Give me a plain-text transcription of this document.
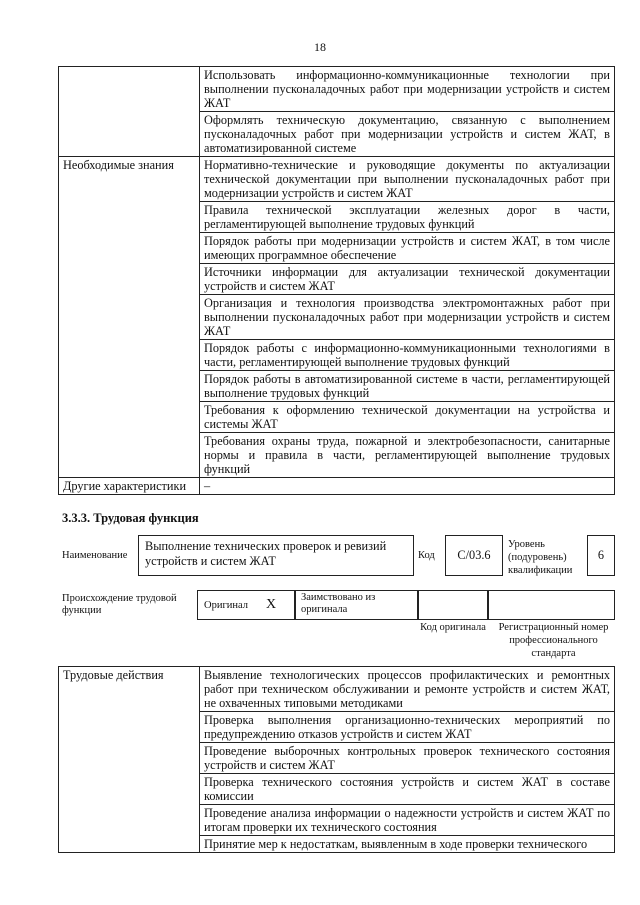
18
	Использовать информационно-коммуникационные технологии при выполнении пусконаладочных работ при модернизации устройств и систем ЖАТ
	Оформлять техническую документацию, связанную с выполнением пусконаладочных работ при модернизации устройств и систем ЖАТ, в автоматизированной системе
Необходимые знания	Нормативно-технические и руководящие документы по актуализации технической документации при выполнении пусконаладочных работ при модернизации устройств и систем ЖАТ
	Правила технической эксплуатации железных дорог в части, регламентирующей выполнение трудовых функций
	Порядок работы при модернизации устройств и систем ЖАТ, в том числе имеющих программное обеспечение
	Источники информации для актуализации технической документации устройств и систем ЖАТ
	Организация и технология производства электромонтажных работ при выполнении пусконаладочных работ при модернизации устройств и систем ЖАТ
	Порядок работы с информационно-коммуникационными технологиями в части, регламентирующей выполнение трудовых функций
	Порядок работы в автоматизированной системе в части, регламентирующей выполнение трудовых функций
	Требования к оформлению технической документации на устройства и системы ЖАТ
	Требования охраны труда, пожарной и электробезопасности, санитарные нормы и правила в части, регламентирующей выполнение трудовых функций
Другие характеристики	–
3.3.3. Трудовая функция
Наименование
Выполнение технических проверок и ревизий устройств и систем ЖАТ	Код	С/03.6
Уровень (подуровень) квалификации
6
Происхождение трудовой функции	Оригинал X	Заимствовано из оригинала
Код оригинала	Регистрационный номер профессионального стандарта
Трудовые действия	Выявление технологических процессов профилактических и ремонтных работ при техническом обслуживании и ремонте устройств и систем ЖАТ, не охваченных типовыми методиками
Проверка выполнения организационно-технических мероприятий по предупреждению отказов устройств и систем ЖАТ
Проведение выборочных контрольных проверок технического состояния устройств и систем ЖАТ
Проверка технического состояния устройств и систем ЖАТ в составе комиссии
Проведение анализа информации о надежности устройств и систем ЖАТ по итогам проверки их технического состояния
Принятие мер к недостаткам, выявленным в ходе проверки технического
